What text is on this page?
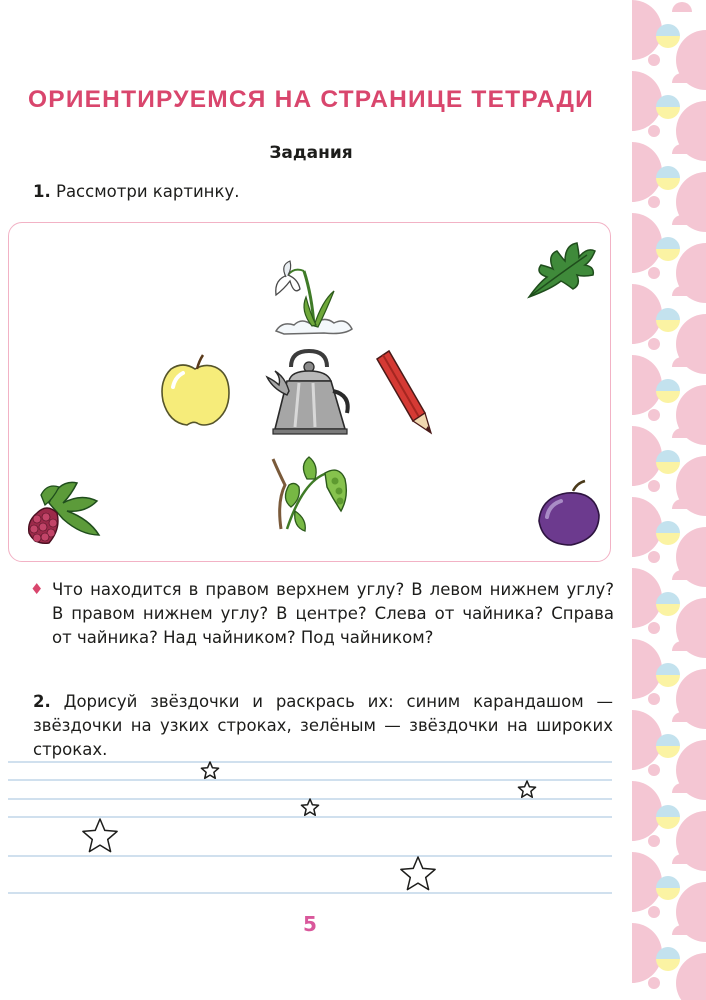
ОРИЕНТИРУЕМСЯ НА СТРАНИЦЕ ТЕТРАДИ
Задания
1. Рассмотри картинку.
♦ Что находится в правом верхнем углу? В левом нижнем углу? В правом нижнем углу? В центре? Слева от чайника? Справа от чайника? Над чайником? Под чайником?
2. Дорисуй звёздочки и раскрась их: синим карандашом — звёздочки на узких строках, зелёным — звёздочки на широких строках.
5
